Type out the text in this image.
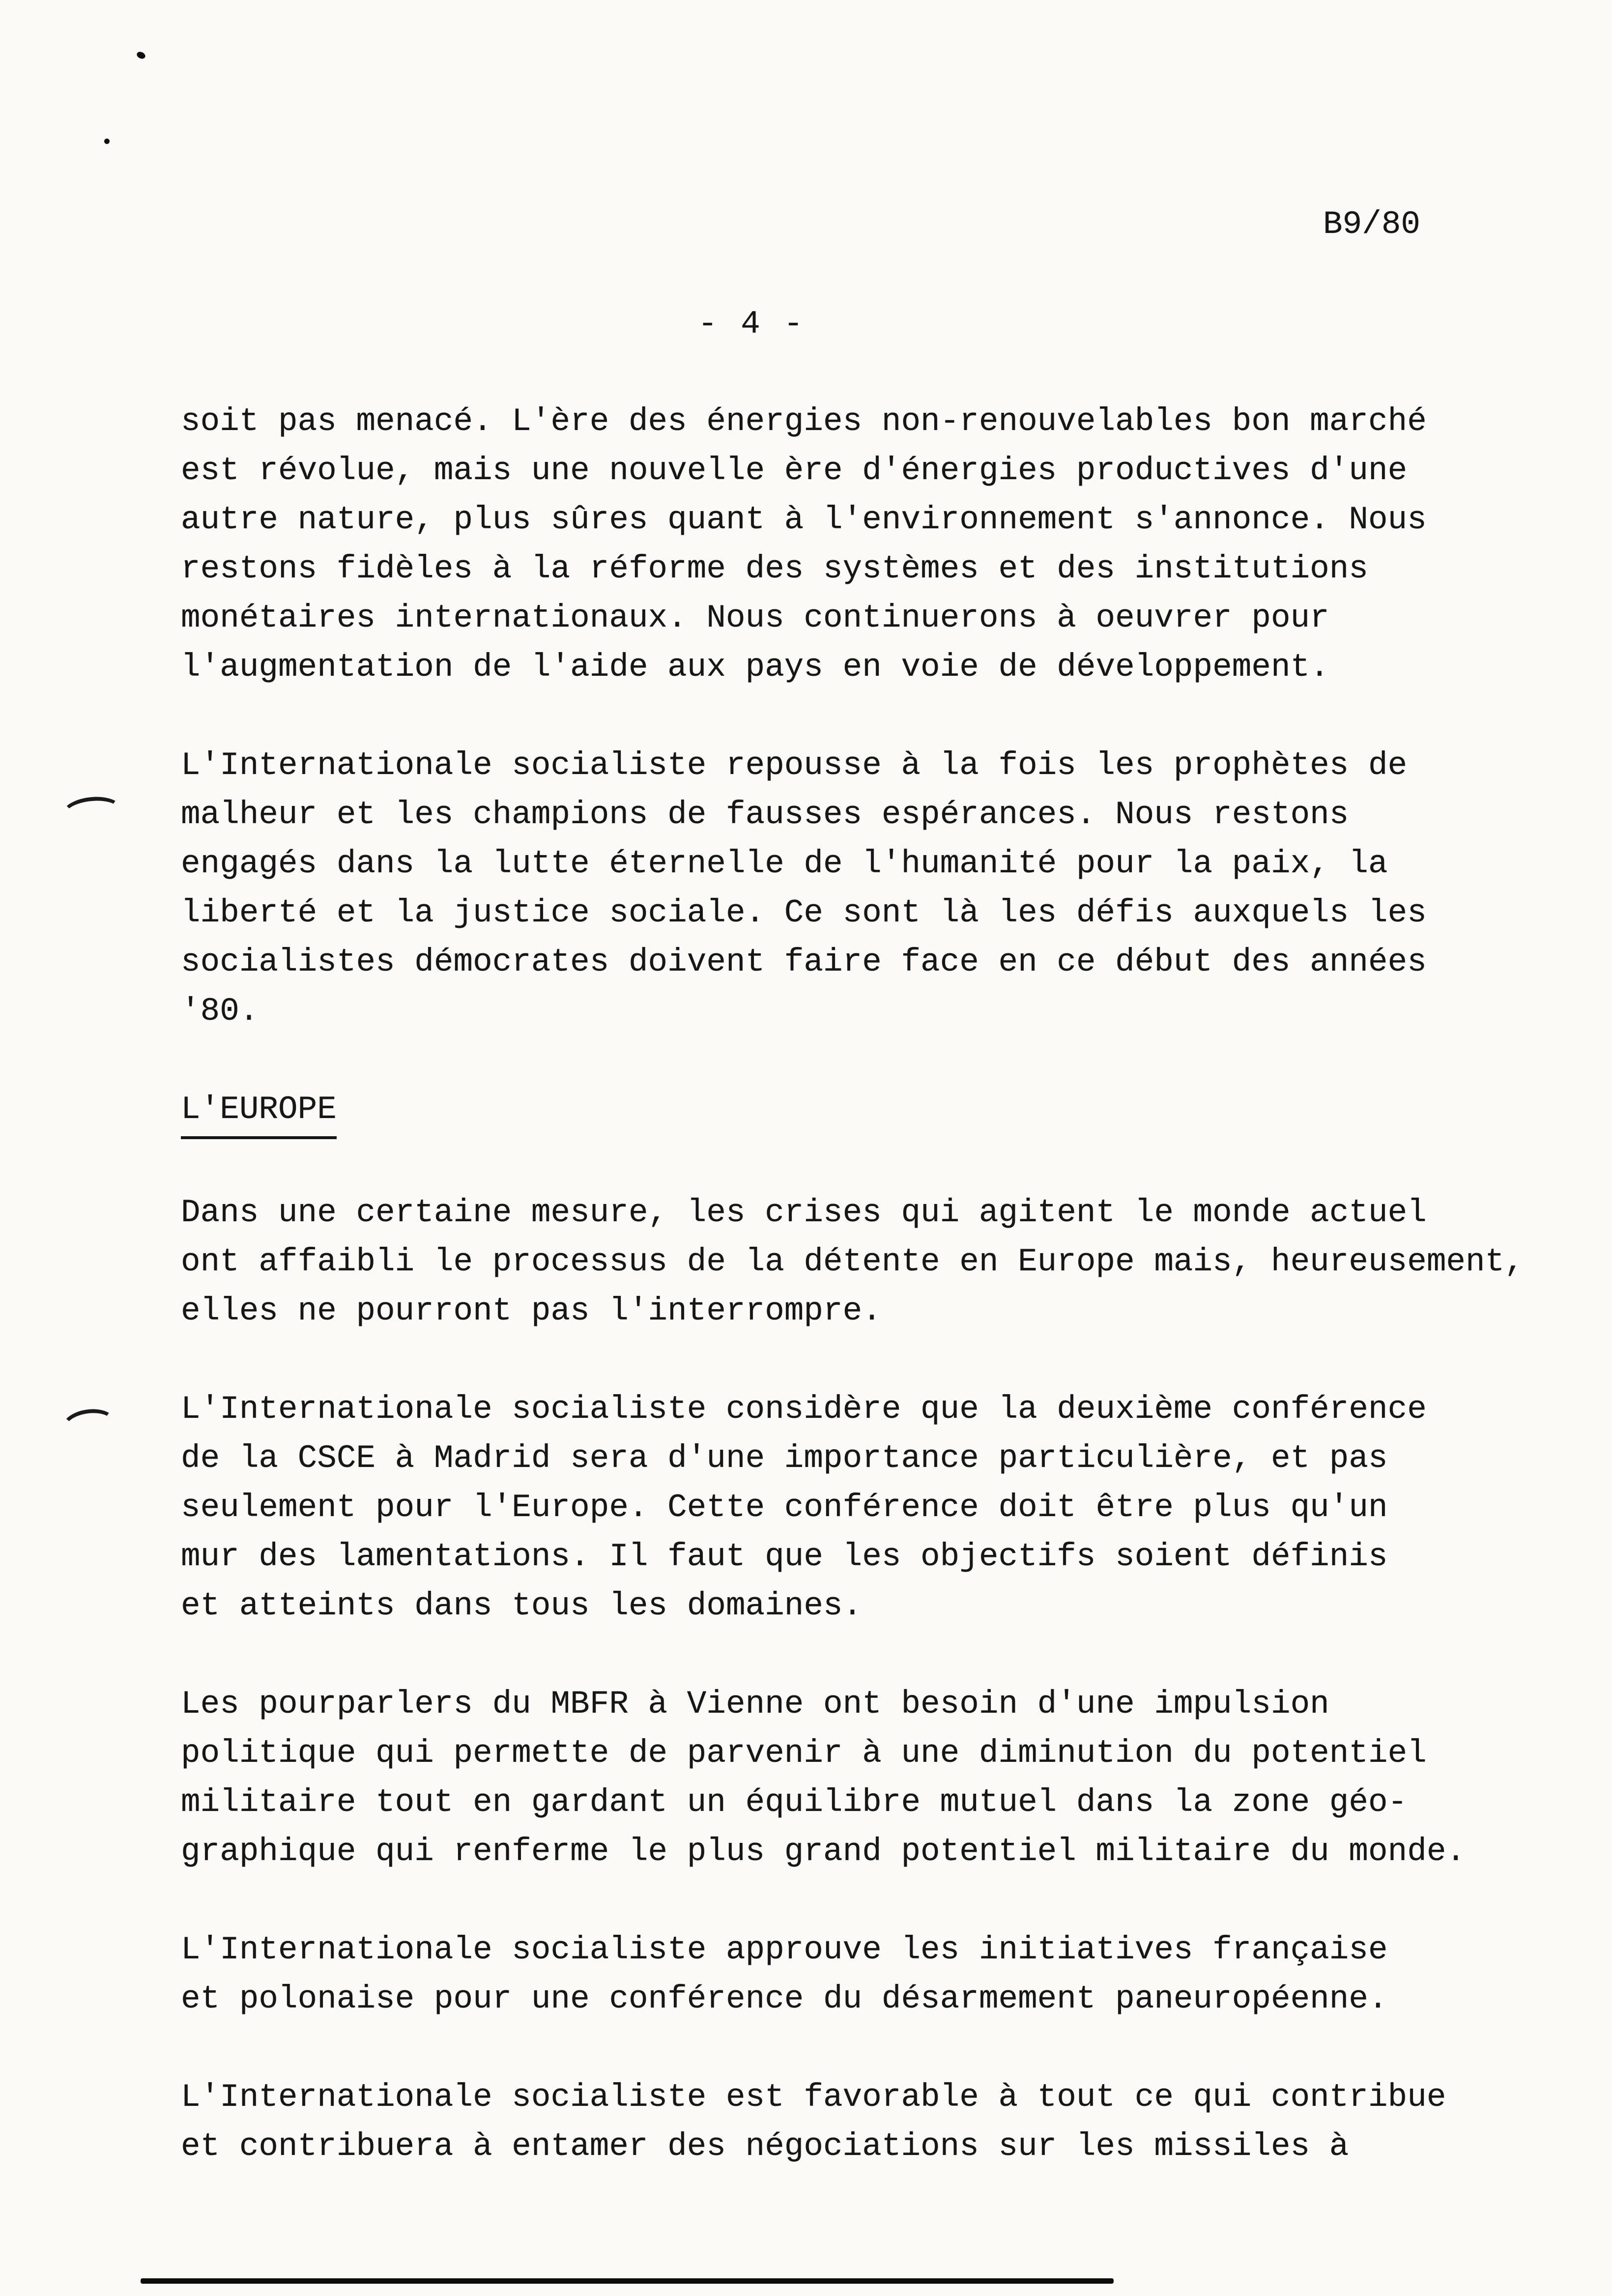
B9/80
- 4 -
soit pas menacé. L'ère des énergies non-renouvelables bon marché
est révolue, mais une nouvelle ère d'énergies productives d'une
autre nature, plus sûres quant à l'environnement s'annonce. Nous
restons fidèles à la réforme des systèmes et des institutions
monétaires internationaux. Nous continuerons à oeuvrer pour
l'augmentation de l'aide aux pays en voie de développement.
L'Internationale socialiste repousse à la fois les prophètes de
malheur et les champions de fausses espérances. Nous restons
engagés dans la lutte éternelle de l'humanité pour la paix, la
liberté et la justice sociale. Ce sont là les défis auxquels les
socialistes démocrates doivent faire face en ce début des années
'80.
L'EUROPE
Dans une certaine mesure, les crises qui agitent le monde actuel
ont affaibli le processus de la détente en Europe mais, heureusement,
elles ne pourront pas l'interrompre.
L'Internationale socialiste considère que la deuxième conférence
de la CSCE à Madrid sera d'une importance particulière, et pas
seulement pour l'Europe. Cette conférence doit être plus qu'un
mur des lamentations. Il faut que les objectifs soient définis
et atteints dans tous les domaines.
Les pourparlers du MBFR à Vienne ont besoin d'une impulsion
politique qui permette de parvenir à une diminution du potentiel
militaire tout en gardant un équilibre mutuel dans la zone géo-
graphique qui renferme le plus grand potentiel militaire du monde.
L'Internationale socialiste approuve les initiatives française
et polonaise pour une conférence du désarmement paneuropéenne.
L'Internationale socialiste est favorable à tout ce qui contribue
et contribuera à entamer des négociations sur les missiles à
